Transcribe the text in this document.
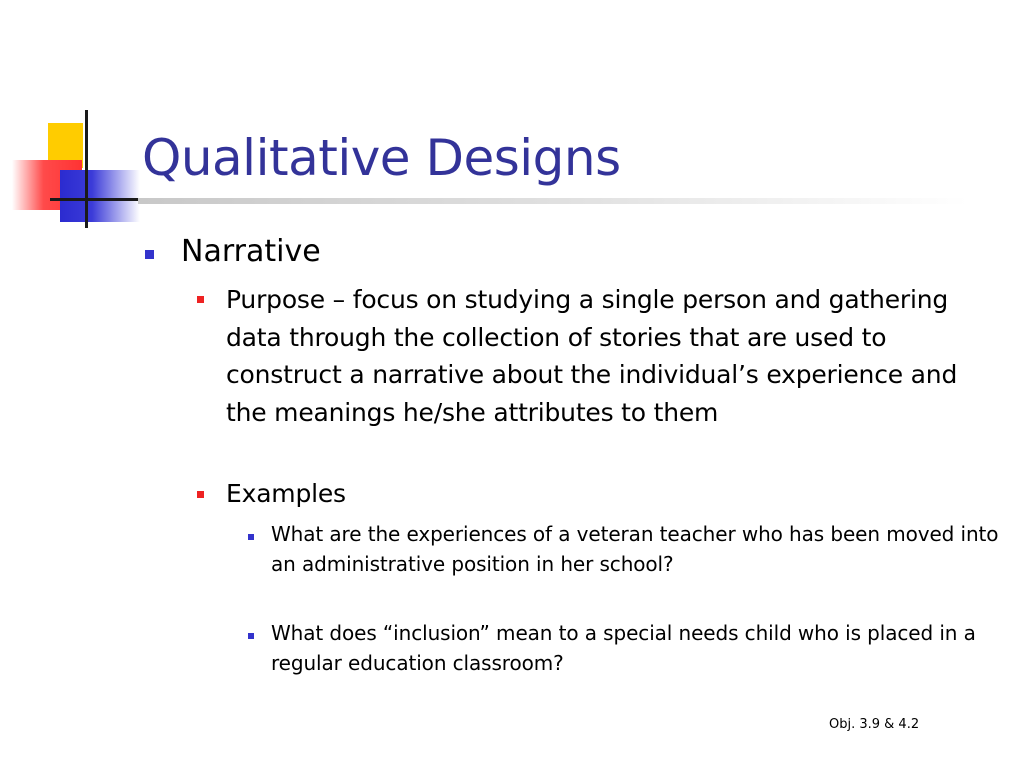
Qualitative Designs
Narrative
Purpose – focus on studying a single person and gathering data through the collection of stories that are used to construct a narrative about the individual’s experience and the meanings he/she attributes to them
Examples
What are the experiences of a veteran teacher who has been moved into an administrative position in her school?
What does “inclusion” mean to a special needs child who is placed in a regular education classroom?
Obj. 3.9 & 4.2
